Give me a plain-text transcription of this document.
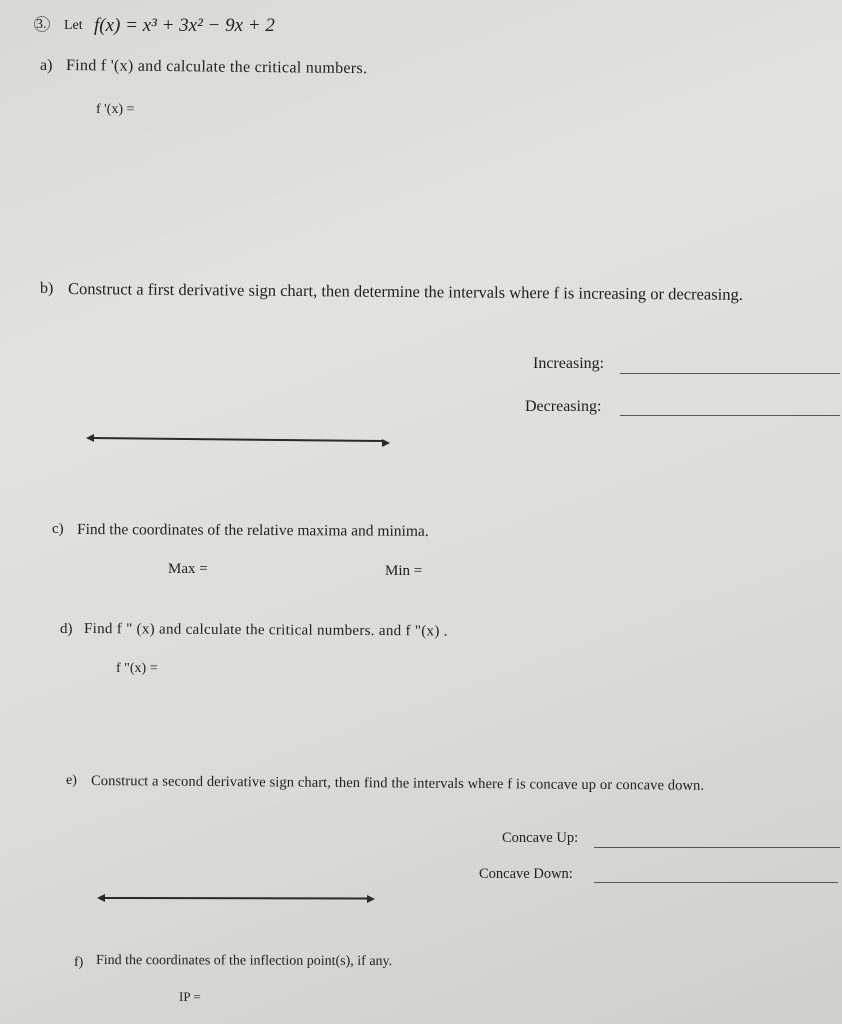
3. Let f(x) = x³ + 3x² − 9x + 2
a) Find f '(x) and calculate the critical numbers.
f '(x) =
b) Construct a first derivative sign chart, then determine the intervals where f is increasing or decreasing.
Increasing:
Decreasing:
c) Find the coordinates of the relative maxima and minima.
Max =	Min =
d) Find f " (x) and calculate the critical numbers. and f "(x) .
f "(x) =
e) Construct a second derivative sign chart, then find the intervals where f is concave up or concave down.
Concave Up:
Concave Down:
f) Find the coordinates of the inflection point(s), if any.
IP =
